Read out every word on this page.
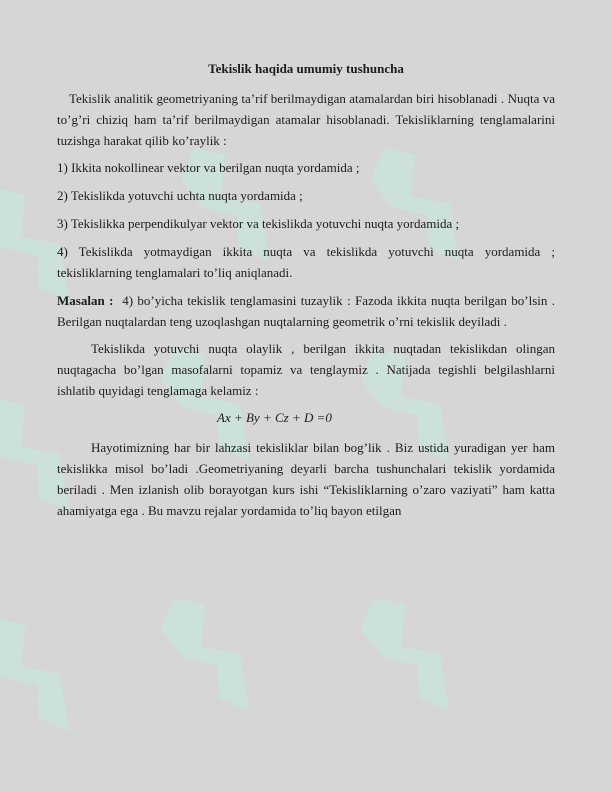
Tekislik haqida umumiy tushuncha

Tekislik analitik geometriyaning ta’rif berilmaydigan atamalardan biri hisoblanadi . Nuqta va to’g’ri chiziq ham ta’rif berilmaydigan atamalar hisoblanadi. Tekisliklarning tenglamalarini tuzishga harakat qilib ko’raylik :

1) Ikkita nokollinear vektor va berilgan nuqta yordamida ;
2) Tekislikda yotuvchi uchta nuqta yordamida ;
3) Tekislikka perpendikulyar vektor va tekislikda yotuvchi nuqta yordamida ;
4) Tekislikda yotmaydigan ikkita nuqta va tekislikda yotuvchi nuqta yordamida ; tekisliklarning tenglamalari to’liq aniqlanadi.

Masalan : 4) bo’yicha tekislik tenglamasini tuzaylik : Fazoda ikkita nuqta berilgan bo’lsin . Berilgan nuqtalardan teng uzoqlashgan nuqtalarning geometrik o’rni tekislik deyiladi .

Tekislikda yotuvchi nuqta olaylik , berilgan ikkita nuqtadan tekislikdan olingan nuqtagacha bo’lgan masofalarni topamiz va tenglaymiz . Natijada tegishli belgilashlarni ishlatib quyidagi tenglamaga kelamiz :

Ax + By + Cz + D =0

Hayotimizning har bir lahzasi tekisliklar bilan bog’lik . Biz ustida yuradigan yer ham tekislikka misol bo’ladi .Geometriyaning deyarli barcha tushunchalari tekislik yordamida beriladi . Men izlanish olib borayotgan kurs ishi “Tekisliklarning o’zaro vaziyati” ham katta ahamiyatga ega . Bu mavzu rejalar yordamida to’liq bayon etilgan
